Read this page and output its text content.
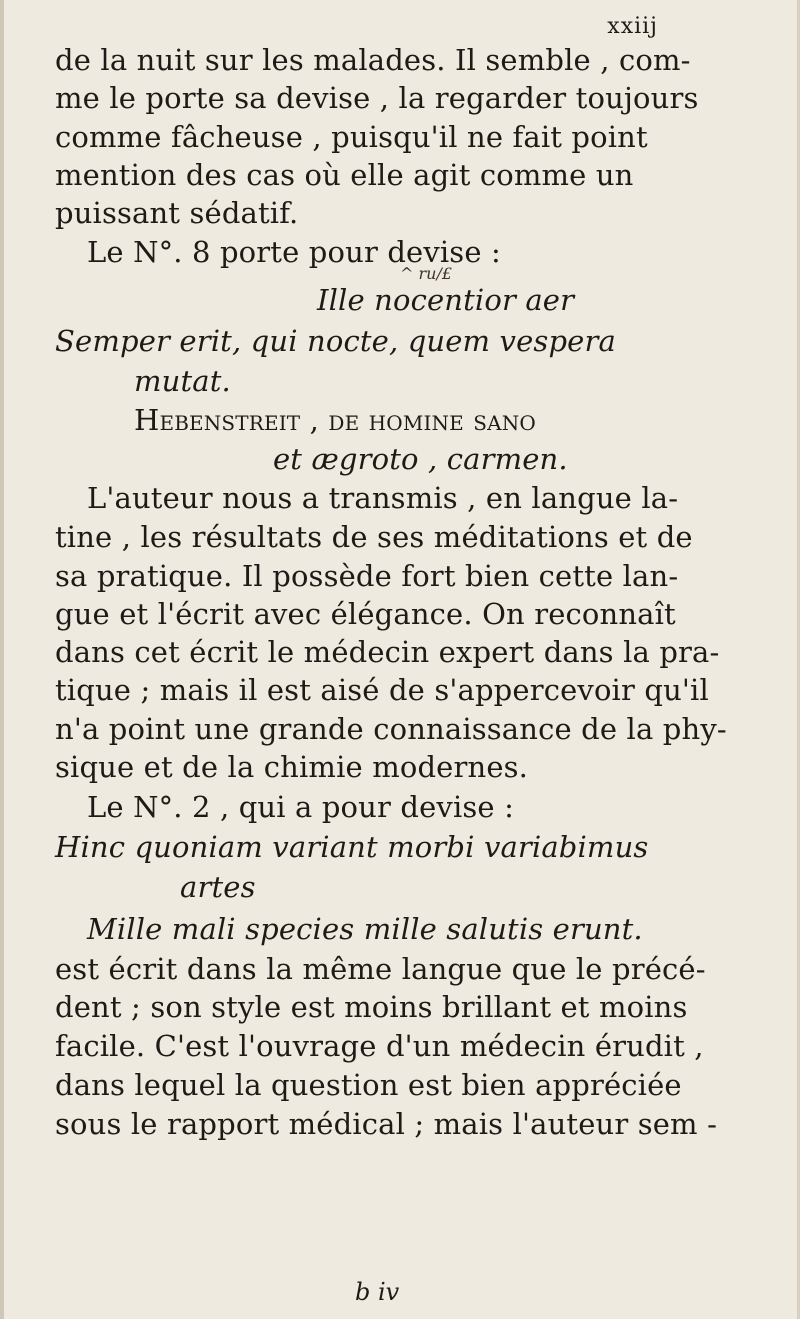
xxiij
de la nuit sur les malades. Il semble , com-
me le porte sa devise , la regarder toujours
comme fâcheuse , puisqu'il ne fait point
mention des cas où elle agit comme un
puissant sédatif.
Le N°. 8 porte pour devise :
Ille nocentior aer
^ ru/£
Semper erit, qui nocte, quem vespera
mutat.
Hebenstreit , de homine sano
et ægroto , carmen.
L'auteur nous a transmis , en langue la-
tine , les résultats de ses méditations et de
sa pratique. Il possède fort bien cette lan-
gue et l'écrit avec élégance. On reconnaît
dans cet écrit le médecin expert dans la pra-
tique ; mais il est aisé de s'appercevoir qu'il
n'a point une grande connaissance de la phy-
sique et de la chimie modernes.
Le N°. 2 , qui a pour devise :
Hinc quoniam variant morbi variabimus
artes
Mille mali species mille salutis erunt.
est écrit dans la même langue que le précé-
dent ; son style est moins brillant et moins
facile. C'est l'ouvrage d'un médecin érudit ,
dans lequel la question est bien appréciée
sous le rapport médical ; mais l'auteur sem -
b iv
